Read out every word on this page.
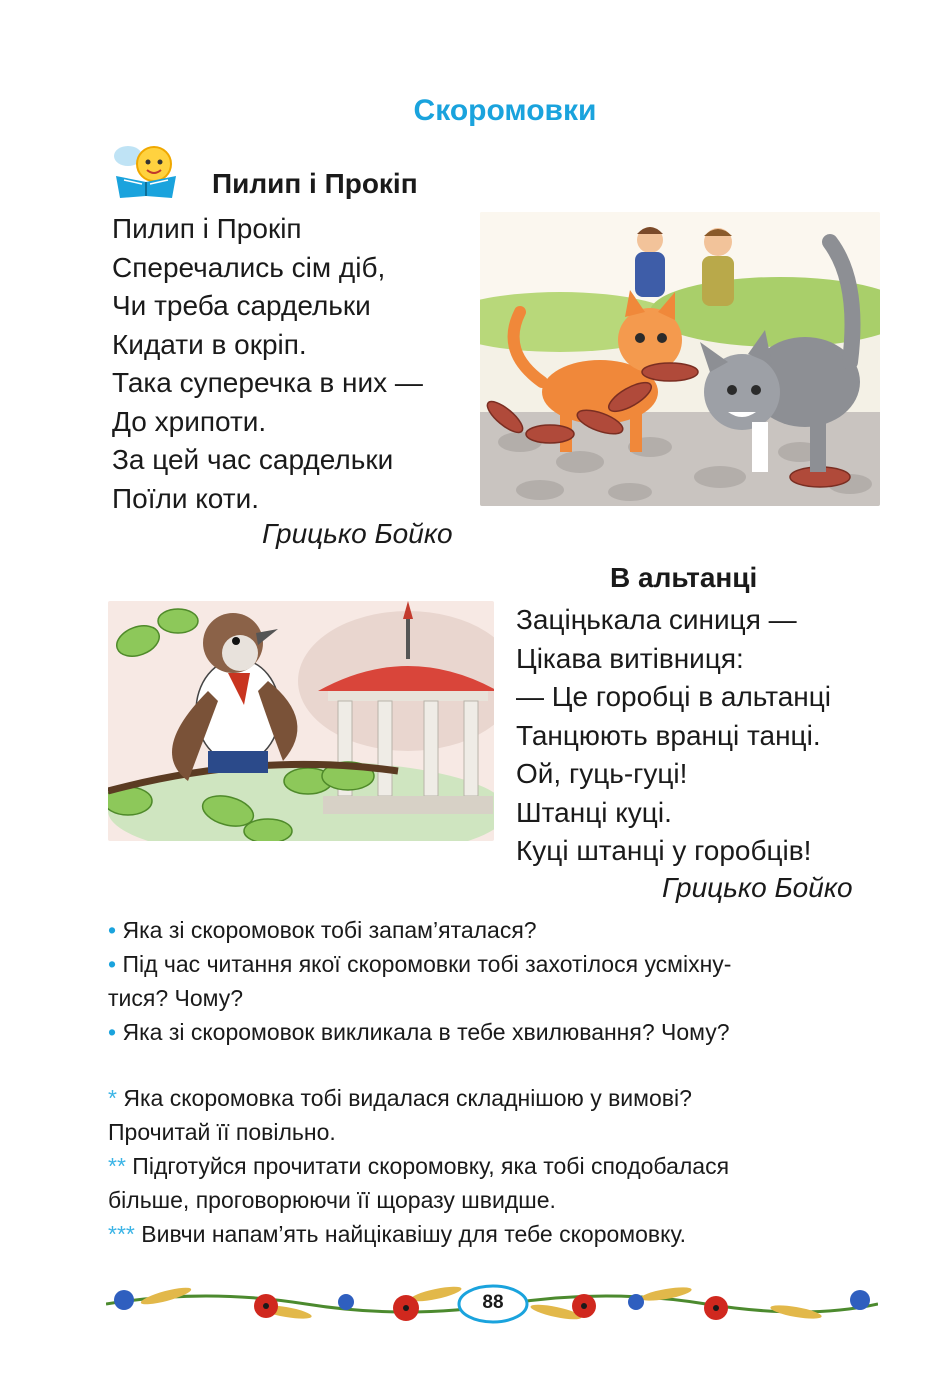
Скоромовки
Пилип і Прокіп
Пилип і Прокіп
Сперечались сім діб,
Чи треба сардельки
Кидати в окріп.
Така суперечка в них —
До хрипоти.
За цей час сардельки
Поїли коти.
Грицько Бойко
В альтанці
Заціңькала синиця —
Цікава витівниця:
— Це горобці в альтанці
Танцюють вранці танці.
Ой, гуць-гуці!
Штанці куці.
Куці штанці у горобців!
Грицько Бойко
• Яка зі скоромовок тобі запам’яталася?
• Під час читання якої скоромовки тобі захотілося усміхну-
тися? Чому?
• Яка зі скоромовок викликала в тебе хвилювання? Чому?
* Яка скоромовка тобі видалася складнішою у вимові?
Прочитай її повільно.
** Підготуйся прочитати скоромовку, яка тобі сподобалася
більше, проговорюючи її щоразу швидше.
*** Вивчи напам’ять найцікавішу для тебе скоромовку.
88
